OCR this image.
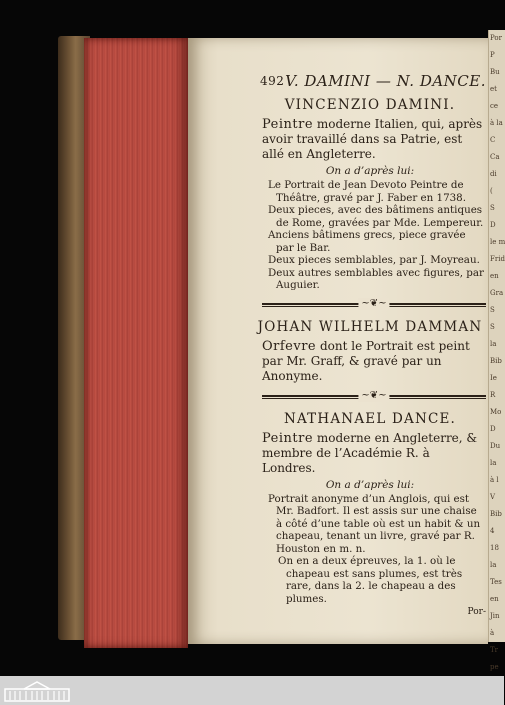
Por
P
Bu
et
ce
à la
C
Ca
di
(
S
D
le m
Frid
en
Gra
S
S
la
Bib
Ie
R
Mo
D
Du
la
à l
V
Bib
4
18
la
Tes
en
Jin
à
Tr
pe
492 V. DAMINI — N. DANCE.
VINCENZIO DAMINI.
Peintre moderne Italien, qui, après avoir travaillé dans sa Patrie, est allé en Angleterre.
On a d’après lui:
Le Portrait de Jean Devoto Peintre de Théâtre, gravé par J. Faber en 1738.
Deux pieces, avec des bâtimens antiques de Rome, gravées par Mde. Lempereur.
Anciens bâtimens grecs, piece gravée par le Bar.
Deux pieces semblables, par J. Moyreau.
Deux autres semblables avec figures, par Auguier.
~❦~
JOHAN WILHELM DAMMAN
Orfevre dont le Portrait est peint par Mr. Graff, & gravé par un Anonyme.
~❦~
NATHANAEL DANCE.
Peintre moderne en Angleterre, & membre de l’Académie R. à Londres.
On a d’après lui:
Portrait anonyme d’un Anglois, qui est Mr. Badfort. Il est assis sur une chaise à côté d’une table où est un habit & un chapeau, tenant un livre, gravé par R. Houston en m. n.
On en a deux épreuves, la 1. où le chapeau est sans plumes, est très rare, dans la 2. le chapeau a des plumes.
Por-
